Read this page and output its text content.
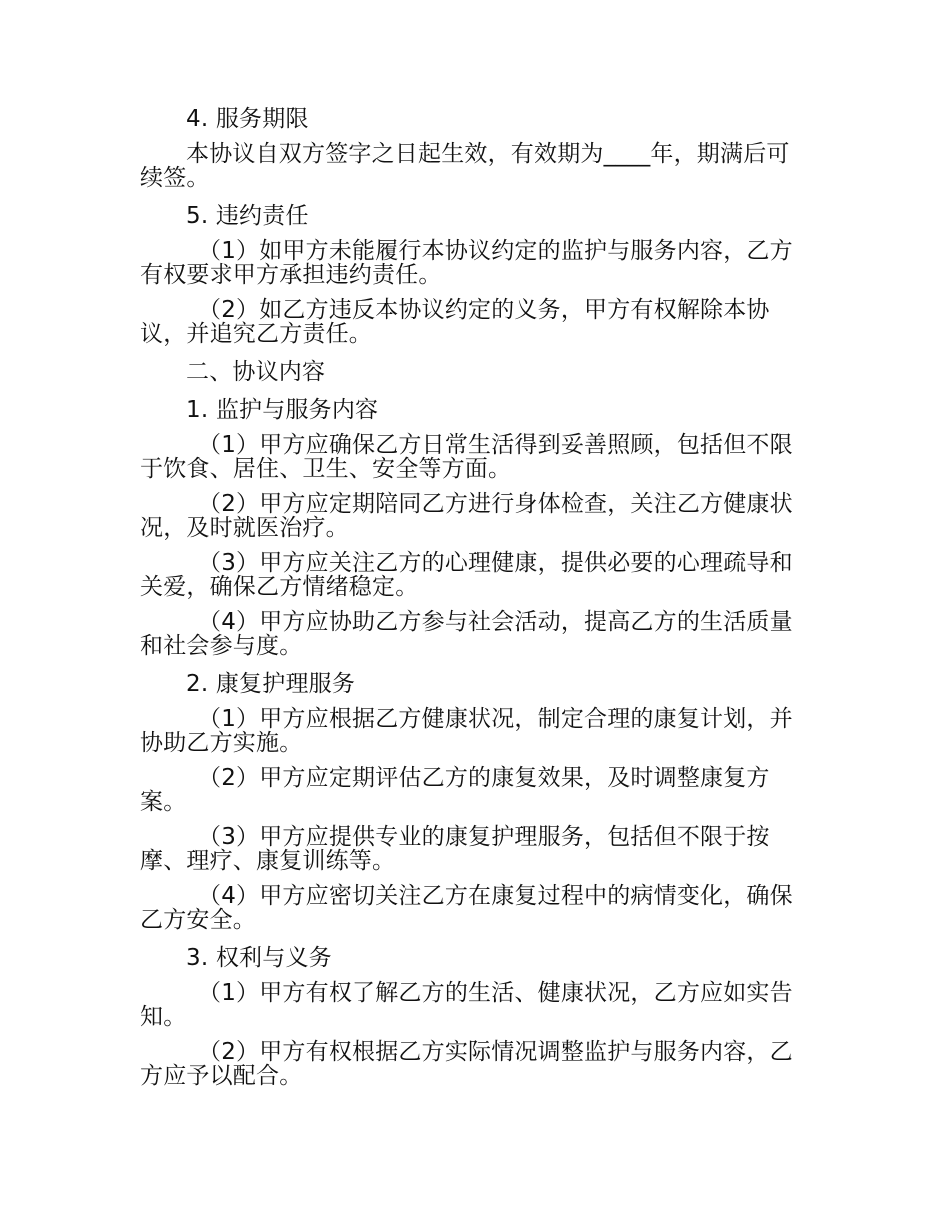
4. 服务期限

本协议自双方签字之日起生效，有效期为____年，期满后可续签。

5. 违约责任

（1）如甲方未能履行本协议约定的监护与服务内容，乙方有权要求甲方承担违约责任。

（2）如乙方违反本协议约定的义务，甲方有权解除本协议，并追究乙方责任。

二、协议内容

1. 监护与服务内容

（1）甲方应确保乙方日常生活得到妥善照顾，包括但不限于饮食、居住、卫生、安全等方面。

（2）甲方应定期陪同乙方进行身体检查，关注乙方健康状况，及时就医治疗。

（3）甲方应关注乙方的心理健康，提供必要的心理疏导和关爱，确保乙方情绪稳定。

（4）甲方应协助乙方参与社会活动，提高乙方的生活质量和社会参与度。

2. 康复护理服务

（1）甲方应根据乙方健康状况，制定合理的康复计划，并协助乙方实施。

（2）甲方应定期评估乙方的康复效果，及时调整康复方案。

（3）甲方应提供专业的康复护理服务，包括但不限于按摩、理疗、康复训练等。

（4）甲方应密切关注乙方在康复过程中的病情变化，确保乙方安全。

3. 权利与义务

（1）甲方有权了解乙方的生活、健康状况，乙方应如实告知。

（2）甲方有权根据乙方实际情况调整监护与服务内容，乙方应予以配合。
